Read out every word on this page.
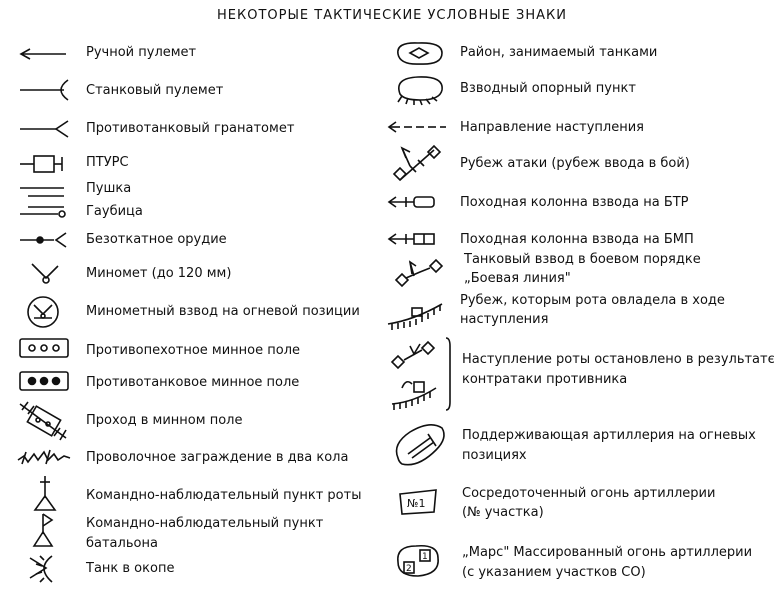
НЕКОТОРЫЕ ТАКТИЧЕСКИЕ УСЛОВНЫЕ ЗНАКИ
Ручной пулемет
Станковый пулемет
Противотанковый гранатомет
ПТУРС
Пушка
Гаубица
Безоткатное орудие
Миномет (до 120 мм)
Минометный взвод на огневой позиции
Противопехотное минное поле
Противотанковое минное поле
Проход в минном поле
Проволочное заграждение в два кола
Командно-наблюдательный пункт роты
Командно-наблюдательный пункт
батальона
Танк в окопе
Район, занимаемый танками
Взводный опорный пункт
Направление наступления
Рубеж атаки (рубеж ввода в бой)
Походная колонна взвода на БТР
Походная колонна взвода на БМП
Танковый взвод в боевом порядке
„Боевая линия"
Рубеж, которым рота овладела в ходе
наступления
Наступление роты остановлено в результатє
контратаки противника
Поддерживающая артиллерия на огневых
позициях
№1
Сосредоточенный огонь артиллерии
(№ участка)
1
2
„Марс" Массированный огонь артиллерии
(с указанием участков СО)
